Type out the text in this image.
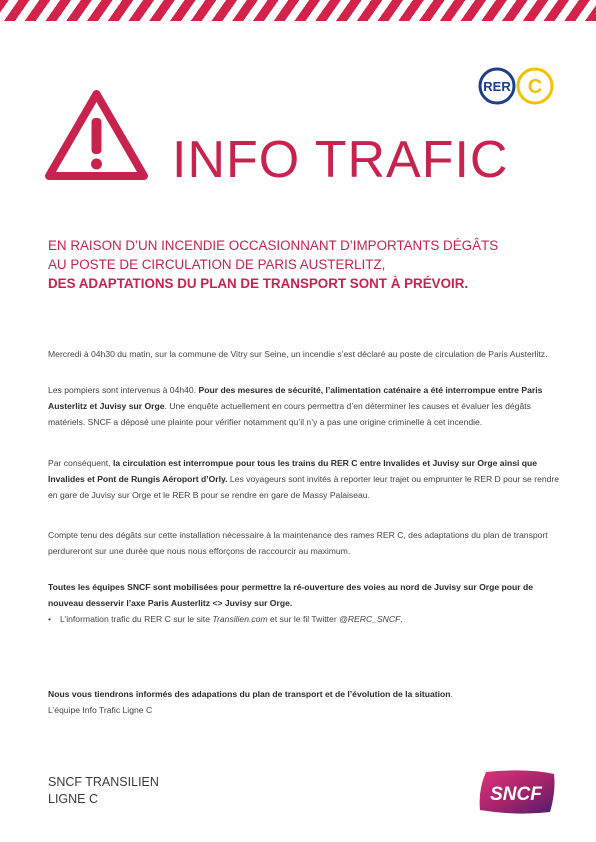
RER C
INFO TRAFIC
EN RAISON D’UN INCENDIE OCCASIONNANT D’IMPORTANTS DÉGÂTS
AU POSTE DE CIRCULATION DE PARIS AUSTERLITZ,
DES ADAPTATIONS DU PLAN DE TRANSPORT SONT À PRÉVOIR.
Mercredi à 04h30 du matin, sur la commune de Vitry sur Seine, un incendie s’est déclaré au poste de circulation de Paris Austerlitz.
Les pompiers sont intervenus à 04h40. Pour des mesures de sécurité, l’alimentation caténaire a été interrompue entre Paris Austerlitz et Juvisy sur Orge. Une enquête actuellement en cours permettra d’en déterminer les causes et évaluer les dégâts matériels. SNCF a déposé une plainte pour vérifier notamment qu’il n’y a pas une origine criminelle à cet incendie.
Par conséquent, la circulation est interrompue pour tous les trains du RER C entre Invalides et Juvisy sur Orge ainsi que Invalides et Pont de Rungis Aéroport d’Orly. Les voyageurs sont invités à reporter leur trajet ou emprunter le RER D pour se rendre en gare de Juvisy sur Orge et le RER B pour se rendre en gare de Massy Palaiseau.
Compte tenu des dégâts sur cette installation nécessaire à la maintenance des rames RER C, des adaptations du plan de transport perdureront sur une durée que nous nous efforçons de raccourcir au maximum.
Toutes les équipes SNCF sont mobilisées pour permettre la ré-ouverture des voies au nord de Juvisy sur Orge pour de nouveau desservir l’axe Paris Austerlitz <> Juvisy sur Orge.
• L’information trafic du RER C sur le site Transilien.com et sur le fil Twitter @RERC_SNCF.
Nous vous tiendrons informés des adapations du plan de transport et de l’évolution de la situation.
L’équipe Info Trafic Ligne C
SNCF TRANSILIEN
LIGNE C	SNCF
